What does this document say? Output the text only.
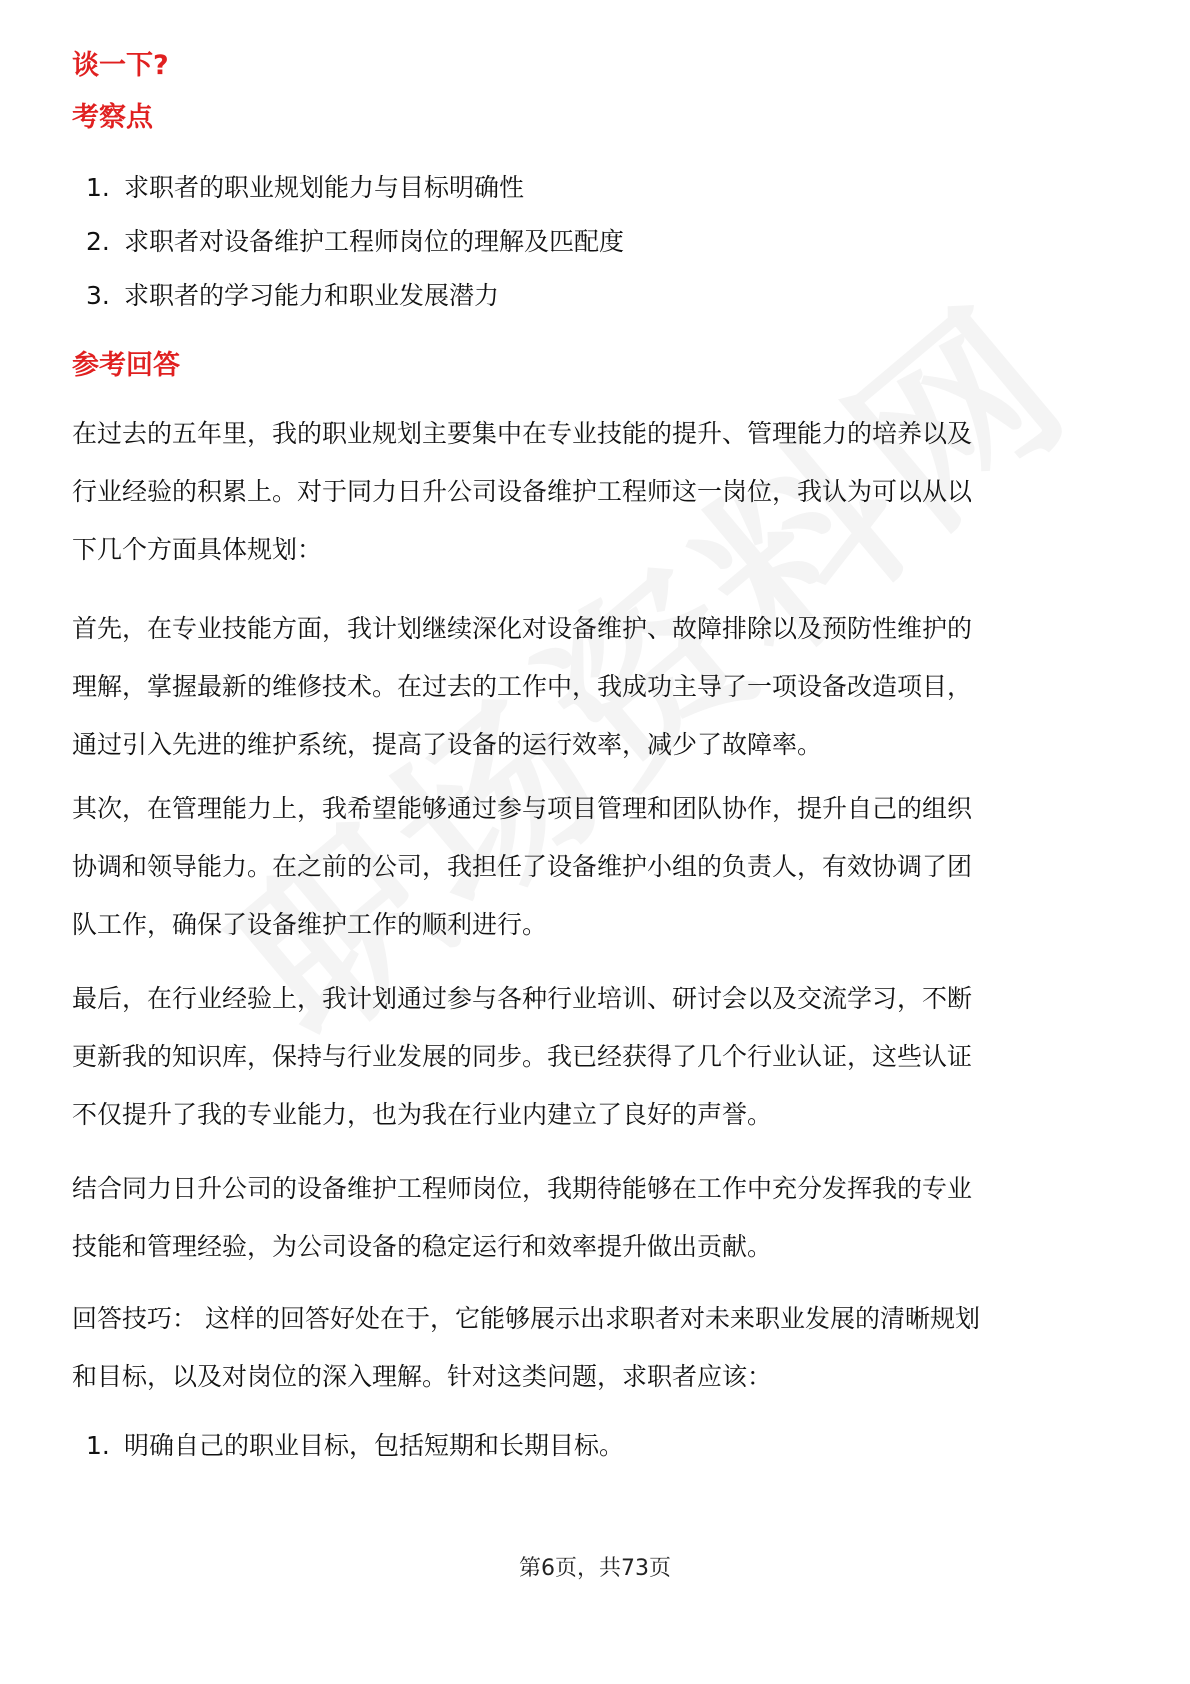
谈一下?
考察点
1. 求职者的职业规划能力与目标明确性
2. 求职者对设备维护工程师岗位的理解及匹配度
3. 求职者的学习能力和职业发展潜力
参考回答
在过去的五年里，我的职业规划主要集中在专业技能的提升、管理能力的培养以及
行业经验的积累上。对于同力日升公司设备维护工程师这一岗位，我认为可以从以
下几个方面具体规划：
首先，在专业技能方面，我计划继续深化对设备维护、故障排除以及预防性维护的
理解，掌握最新的维修技术。在过去的工作中，我成功主导了一项设备改造项目，
通过引入先进的维护系统，提高了设备的运行效率，减少了故障率。
其次，在管理能力上，我希望能够通过参与项目管理和团队协作，提升自己的组织
协调和领导能力。在之前的公司，我担任了设备维护小组的负责人，有效协调了团
队工作，确保了设备维护工作的顺利进行。
最后，在行业经验上，我计划通过参与各种行业培训、研讨会以及交流学习，不断
更新我的知识库，保持与行业发展的同步。我已经获得了几个行业认证，这些认证
不仅提升了我的专业能力，也为我在行业内建立了良好的声誉。
结合同力日升公司的设备维护工程师岗位，我期待能够在工作中充分发挥我的专业
技能和管理经验，为公司设备的稳定运行和效率提升做出贡献。
回答技巧： 这样的回答好处在于，它能够展示出求职者对未来职业发展的清晰规划
和目标，以及对岗位的深入理解。针对这类问题，求职者应该：
1. 明确自己的职业目标，包括短期和长期目标。
第6页，共73页
